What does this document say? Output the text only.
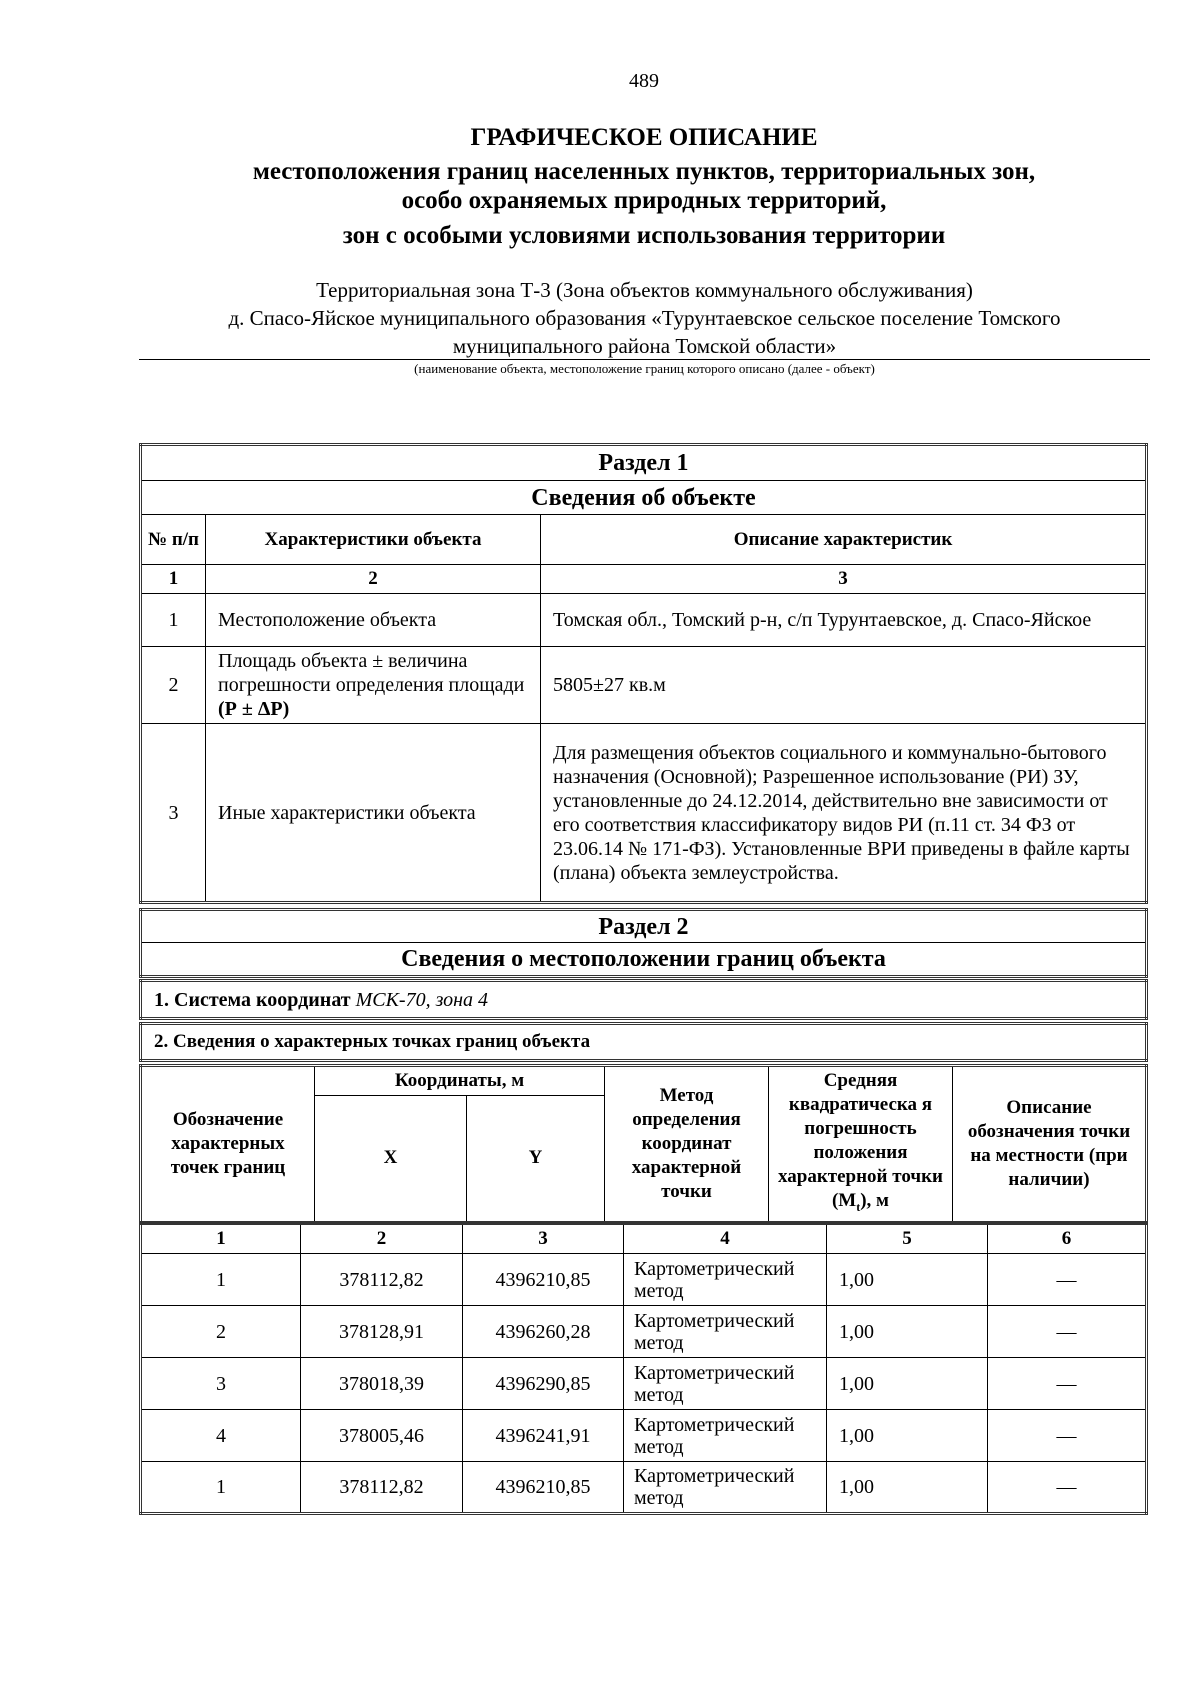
489
ГРАФИЧЕСКОЕ ОПИСАНИЕ
местоположения границ населенных пунктов, территориальных зон,
особо охраняемых природных территорий,
зон с особыми условиями использования территории
Территориальная зона Т-3 (Зона объектов коммунального обслуживания)
д. Спасо-Яйское муниципального образования «Турунтаевское сельское поселение Томского
муниципального района Томской области»
(наименование объекта, местоположение границ которого описано (далее - объект)
Раздел 1		
Сведения об объекте		
№ п/п	Характеристики объекта	Описание характеристик
1	2	3
1	Местоположение объекта	Томская обл., Томский р-н, с/п Турунтаевское, д. Спасо-Яйское
2	Площадь объекта ± величина погрешности определения площади (Р ± ΔР)	5805±27 кв.м
3	Иные характеристики объекта	Для размещения объектов социального и коммунально-бытового назначения (Основной); Разрешенное использование (РИ) ЗУ, установленные до 24.12.2014, действительно вне зависимости от его соответствия классификатору видов РИ (п.11 ст. 34 ФЗ от 23.06.14 № 171-ФЗ). Установленные ВРИ приведены в файле карты (плана) объекта землеустройства.
Раздел 2
Сведения о местоположении границ объекта
1. Система координат МСК-70, зона 4
2. Сведения о характерных точках границ объекта
Обозначение характерных точек границ	Координаты, м		Метод определения координат характерной точки	Средняя квадратическа я погрешность положения характерной точки $(M_t)$, м	Описание обозначения точки на местности (при наличии)
	X	Y			
1	2	3	4	5	6
1	378112,82	4396210,85	Картометрический метод	1,00	—
2	378128,91	4396260,28	Картометрический метод	1,00	—
3	378018,39	4396290,85	Картометрический метод	1,00	—
4	378005,46	4396241,91	Картометрический метод	1,00	—
1	378112,82	4396210,85	Картометрический метод	1,00	—
